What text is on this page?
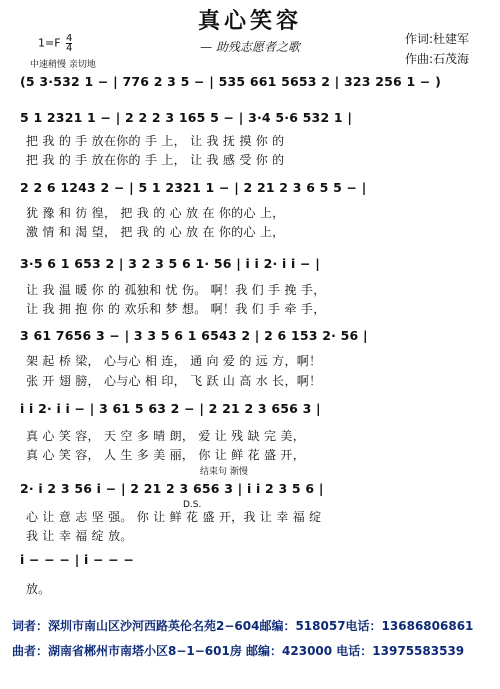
真心笑容
— 助残志愿者之歌
$1=F \frac{4}{4}$
中速稍慢 亲切地
作词:杜建军
作曲:石茂海
(5 3·532 1 − | 776 2 3 5 − | 535 661 5653 2 | 323 256 1 − )
5 1 2321 1 − | 2 2 2 3 165 5 − | 3·4 5·6 532 1 |
把 我 的 手 放在你的 手 上， 让 我 抚 摸 你 的
把 我 的 手 放在你的 手 上， 让 我 感 受 你 的
2 2 6 1243 2 − | 5 1 2321 1 − | 2 21 2 3 6 5 5 − |
犹 豫 和 彷 徨， 把 我 的 心 放 在 你的心 上，
激 情 和 渴 望， 把 我 的 心 放 在 你的心 上，
3·5 6 1 653 2 | 3 2 3 5 6 1· 56 | i i 2· i i − |
让 我 温 暖 你 的 孤独和 忧 伤。 啊！我 们 手 挽 手，
让 我 拥 抱 你 的 欢乐和 梦 想。 啊！我 们 手 牵 手，
3 61 7656 3 − | 3 3 5 6 1 6543 2 | 2 6 153 2· 56 |
架 起 桥 梁， 心与心 相 连， 通 向 爱 的 远 方，啊！
张 开 翅 膀， 心与心 相 印， 飞 跃 山 高 水 长，啊！
i i 2· i i − | 3 61 5 63 2 − | 2 21 2 3 656 3 |
真 心 笑 容， 天 空 多 晴 朗， 爱 让 残 缺 完 美，
真 心 笑 容， 人 生 多 美 丽， 你 让 鲜 花 盛 开，
结束句 渐慢
2· i 2 3 56 i − | 2 21 2 3 656 3 | i i 2 3 5 6 |
D.S.
心 让 意 志 坚 强。 你 让 鲜 花 盛 开，我 让 幸 福 绽
我 让 幸 福 绽 放。
i − − − | i − − −
放。
词者：深圳市南山区沙河西路英伦名苑2−604邮编：518057电话：13686806861
曲者：湖南省郴州市南塔小区8−1−601房 邮编：423000 电话：13975583539
